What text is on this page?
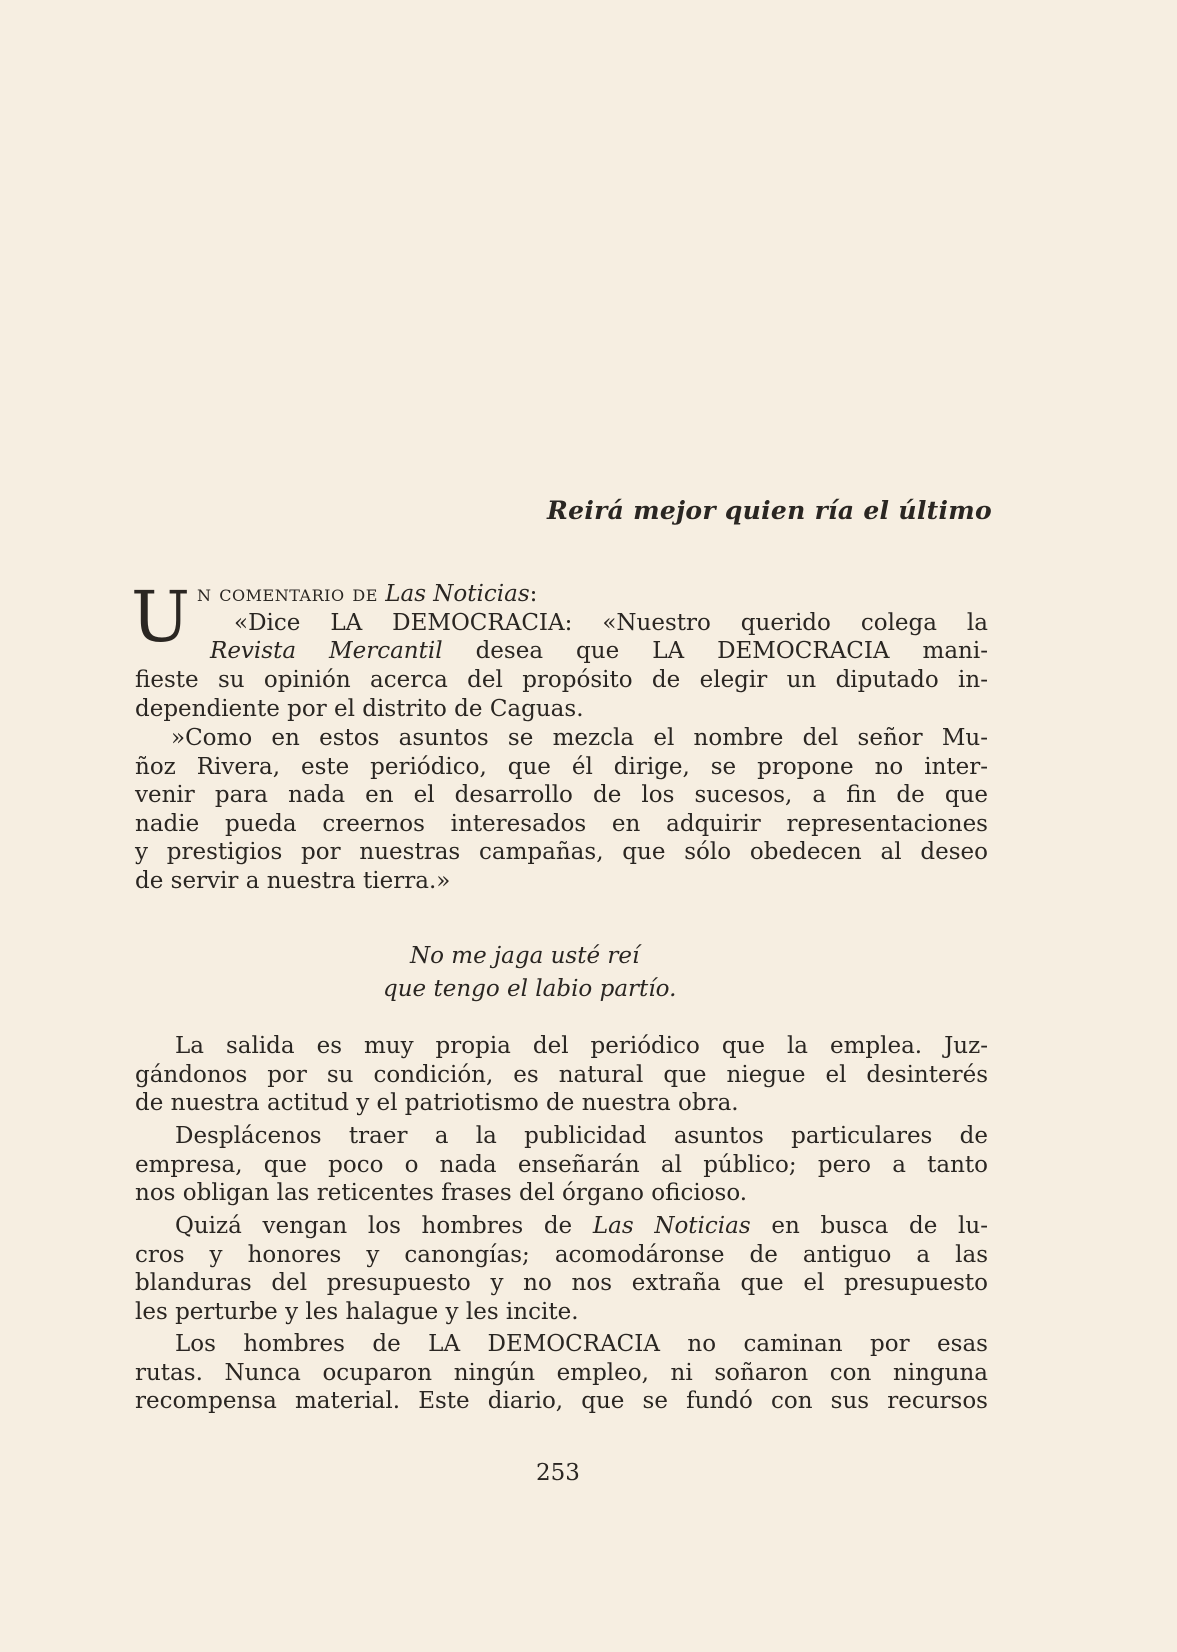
Reirá mejor quien ría el último
U n comentario de Las Noticias:
«Dice LA DEMOCRACIA: «Nuestro querido colega la
Revista Mercantil desea que LA DEMOCRACIA mani-
fieste su opinión acerca del propósito de elegir un diputado in-
dependiente por el distrito de Caguas.
»Como en estos asuntos se mezcla el nombre del señor Mu-
ñoz Rivera, este periódico, que él dirige, se propone no inter-
venir para nada en el desarrollo de los sucesos, a fin de que
nadie pueda creernos interesados en adquirir representaciones
y prestigios por nuestras campañas, que sólo obedecen al deseo
de servir a nuestra tierra.»
No me jaga usté reí
que tengo el labio partío.
La salida es muy propia del periódico que la emplea. Juz-
gándonos por su condición, es natural que niegue el desinterés
de nuestra actitud y el patriotismo de nuestra obra.
Desplácenos traer a la publicidad asuntos particulares de
empresa, que poco o nada enseñarán al público; pero a tanto
nos obligan las reticentes frases del órgano oficioso.
Quizá vengan los hombres de Las Noticias en busca de lu-
cros y honores y canongías; acomodáronse de antiguo a las
blanduras del presupuesto y no nos extraña que el presupuesto
les perturbe y les halague y les incite.
Los hombres de LA DEMOCRACIA no caminan por esas
rutas. Nunca ocuparon ningún empleo, ni soñaron con ninguna
recompensa material. Este diario, que se fundó con sus recursos
253
